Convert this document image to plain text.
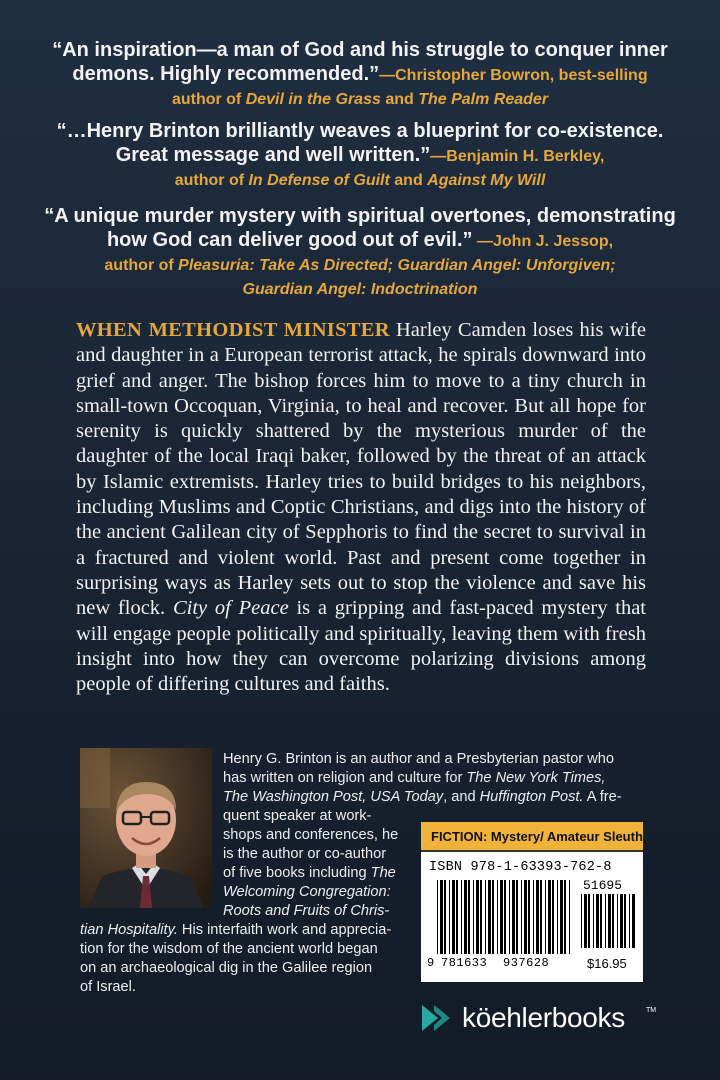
“An inspiration—a man of God and his struggle to conquer inner demons. Highly recommended.”—Christopher Bowron, best-selling
author of Devil in the Grass and The Palm Reader
“…Henry Brinton brilliantly weaves a blueprint for co-existence. Great message and well written.”—Benjamin H. Berkley,
author of In Defense of Guilt and Against My Will
“A unique murder mystery with spiritual overtones, demonstrating how God can deliver good out of evil.” —John J. Jessop,
author of Pleasuria: Take As Directed; Guardian Angel: Unforgiven;
Guardian Angel: Indoctrination
WHEN METHODIST MINISTER Harley Camden loses his wife and daughter in a European terrorist attack, he spirals downward into grief and anger. The bishop forces him to move to a tiny church in small-town Occoquan, Virginia, to heal and recover. But all hope for serenity is quickly shattered by the mysterious murder of the daughter of the local Iraqi baker, followed by the threat of an attack by Islamic extremists. Harley tries to build bridges to his neighbors, including Muslims and Coptic Christians, and digs into the history of the ancient Galilean city of Sepphoris to find the secret to survival in a fractured and violent world. Past and present come together in surprising ways as Harley sets out to stop the violence and save his new flock. City of Peace is a gripping and fast-paced mystery that will engage people politically and spiritually, leaving them with fresh insight into how they can overcome polarizing divisions among people of differing cultures and faiths.
Henry G. Brinton is an author and a Presbyterian pastor who
has written on religion and culture for The New York Times,
The Washington Post, USA Today, and Huffington Post. A fre-
quent speaker at work-
shops and conferences, he
is the author or co-author
of five books including The
Welcoming Congregation:
Roots and Fruits of Chris-
tian Hospitality. His interfaith work and apprecia-
tion for the wisdom of the ancient world began
on an archaeological dig in the Galilee region
of Israel.
FICTION: Mystery/ Amateur Sleuth
ISBN 978-1-63393-762-8
51695
9 781633 937628	$16.95
köehlerbooks	TM
